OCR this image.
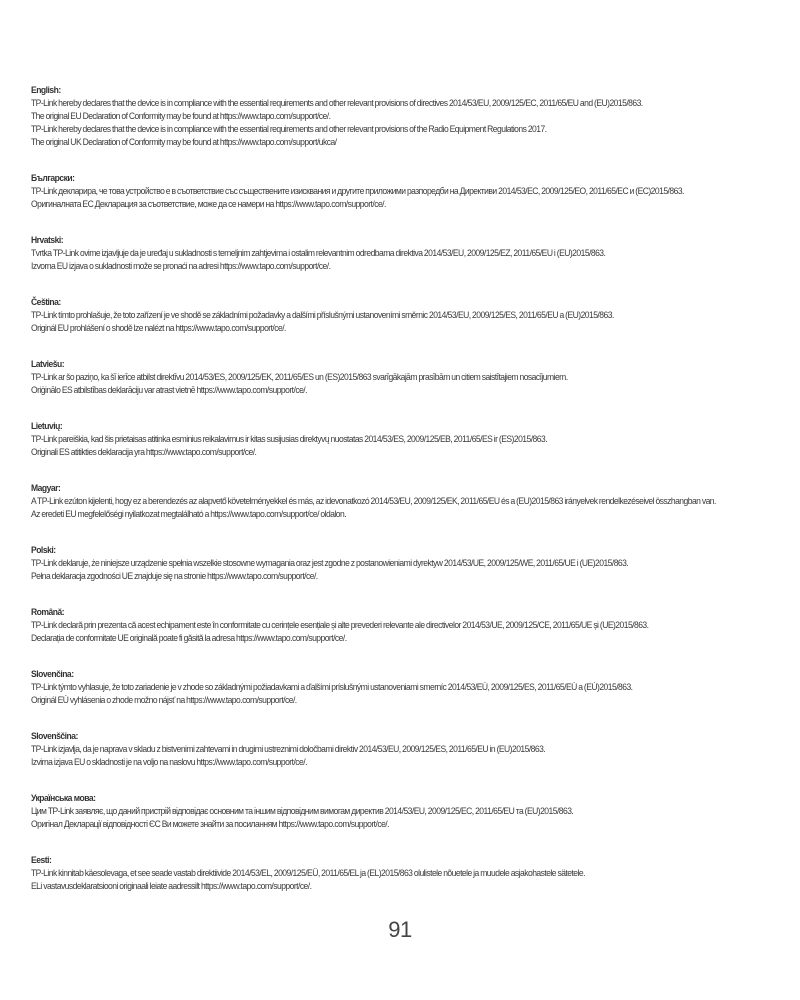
English:
TP-Link hereby declares that the device is in compliance with the essential requirements and other relevant provisions of directives 2014/53/EU, 2009/125/EC, 2011/65/EU and (EU)2015/863.
The original EU Declaration of Conformity may be found at https://www.tapo.com/support/ce/.
TP-Link hereby declares that the device is in compliance with the essential requirements and other relevant provisions of the Radio Equipment Regulations 2017.
The original UK Declaration of Conformity may be found at https://www.tapo.com/support/ukca/
Български:
TP-Link декларира, че това устройство е в съответствие със съществените изисквания и другите приложими разпоредби на Директиви 2014/53/EC, 2009/125/EO, 2011/65/EC и (EC)2015/863.
Оригиналната ЕС Декларация за съответствие, може да се намери на https://www.tapo.com/support/ce/.
Hrvatski:
Tvrtka TP-Link ovime izjavljuje da je uređaj u sukladnosti s temeljnim zahtjevima i ostalim relevantnim odredbama direktiva 2014/53/EU, 2009/125/EZ, 2011/65/EU i (EU)2015/863.
Izvorna EU izjava o sukladnosti može se pronaći na adresi https://www.tapo.com/support/ce/.
Čeština:
TP-Link tímto prohlašuje, že toto zařízení je ve shodě se základními požadavky a dalšími příslušnými ustanoveními směrnic 2014/53/EU, 2009/125/ES, 2011/65/EU a (EU)2015/863.
Originál EU prohlášení o shodě lze nalézt na https://www.tapo.com/support/ce/.
Latviešu:
TP-Link ar šo paziņo, ka šī ierīce atbilst direktīvu 2014/53/ES, 2009/125/EK, 2011/65/ES un (ES)2015/863 svarīgākajām prasībām un citiem saistītajiem nosacījumiem.
Oriģinālo ES atbilstības deklarāciju var atrast vietnē https://www.tapo.com/support/ce/.
Lietuvių:
TP-Link pareiškia, kad šis prietaisas atitinka esminius reikalavimus ir kitas susijusias direktyvų nuostatas 2014/53/ES, 2009/125/EB, 2011/65/ES ir (ES)2015/863.
Originali ES atitikties deklaracija yra https://www.tapo.com/support/ce/.
Magyar:
A TP-Link ezúton kijelenti, hogy ez a berendezés az alapvető követelményekkel és más, az idevonatkozó 2014/53/EU, 2009/125/EK, 2011/65/EU és a (EU)2015/863 irányelvek rendelkezéseivel összhangban van.
Az eredeti EU megfelelőségi nyilatkozat megtalálható a https://www.tapo.com/support/ce/ oldalon.
Polski:
TP-Link deklaruje, że niniejsze urządzenie spełnia wszelkie stosowne wymagania oraz jest zgodne z postanowieniami dyrektyw 2014/53/UE, 2009/125/WE, 2011/65/UE i (UE)2015/863.
Pełna deklaracja zgodności UE znajduje się na stronie https://www.tapo.com/support/ce/.
Română:
TP-Link declară prin prezenta că acest echipament este în conformitate cu cerințele esențiale și alte prevederi relevante ale directivelor 2014/53/UE, 2009/125/CE, 2011/65/UE și (UE)2015/863.
Declarația de conformitate UE originală poate fi găsită la adresa https://www.tapo.com/support/ce/.
Slovenčina:
TP-Link týmto vyhlasuje, že toto zariadenie je v zhode so základnými požiadavkami a ďalšími príslušnými ustanoveniami smerníc 2014/53/EÚ, 2009/125/ES, 2011/65/EÚ a (EÚ)2015/863.
Originál EÚ vyhlásenia o zhode možno nájsť na https://www.tapo.com/support/ce/.
Slovenščina:
TP-Link izjavlja, da je naprava v skladu z bistvenimi zahtevami in drugimi ustreznimi določbami direktiv 2014/53/EU, 2009/125/ES, 2011/65/EU in (EU)2015/863.
Izvirna izjava EU o skladnosti je na voljo na naslovu https://www.tapo.com/support/ce/.
Українська мова:
Цим TP-Link заявляє, що даний пристрій відповідає основним та іншим відповідним вимогам директив 2014/53/EU, 2009/125/EC, 2011/65/EU та (EU)2015/863.
Оригінал Декларації відповідності ЄС Ви можете знайти за посиланням https://www.tapo.com/support/ce/.
Eesti:
TP-Link kinnitab käesolevaga, et see seade vastab direktiivide 2014/53/EL, 2009/125/EÜ, 2011/65/EL ja (EL)2015/863 olulistele nõuetele ja muudele asjakohastele sätetele.
ELi vastavusdeklaratsiooni originaali leiate aadressilt https://www.tapo.com/support/ce/.
91
